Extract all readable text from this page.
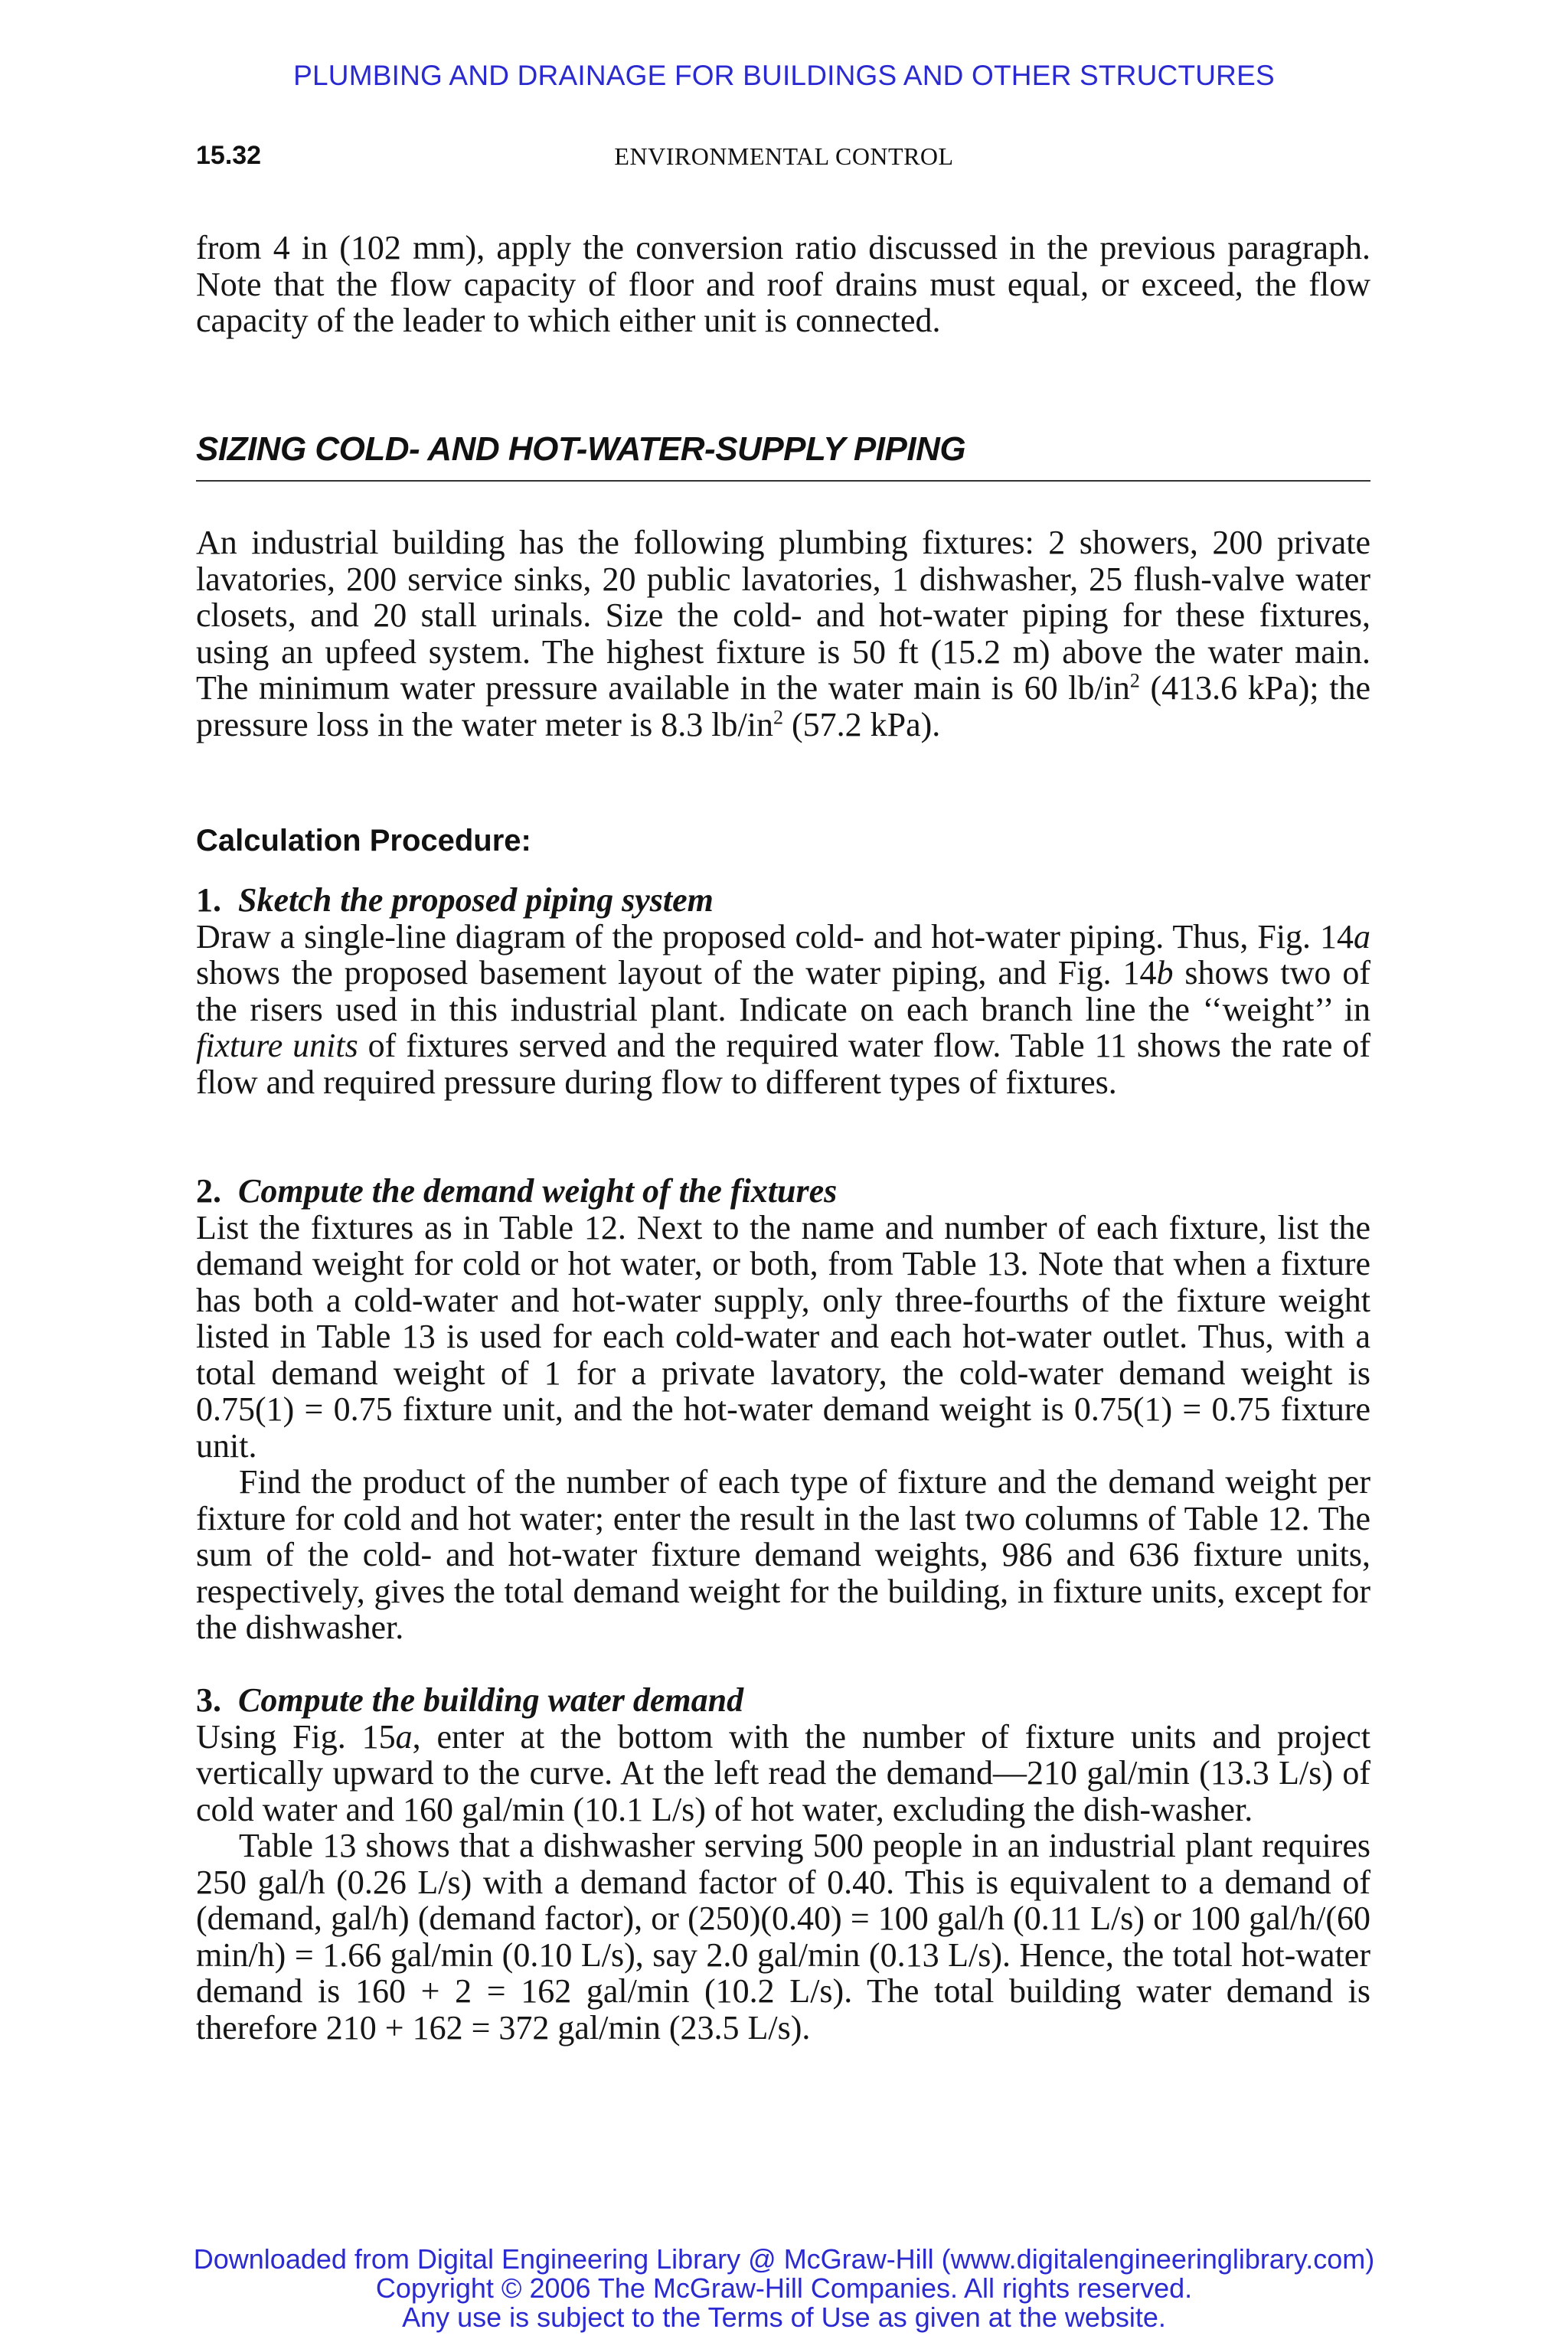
PLUMBING AND DRAINAGE FOR BUILDINGS AND OTHER STRUCTURES
15.32	ENVIRONMENTAL CONTROL

from 4 in (102 mm), apply the conversion ratio discussed in the previous paragraph. Note that the flow capacity of floor and roof drains must equal, or exceed, the flow capacity of the leader to which either unit is connected.

SIZING COLD- AND HOT-WATER-SUPPLY PIPING

An industrial building has the following plumbing fixtures: 2 showers, 200 private lavatories, 200 service sinks, 20 public lavatories, 1 dishwasher, 25 flush-valve water closets, and 20 stall urinals. Size the cold- and hot-water piping for these fixtures, using an upfeed system. The highest fixture is 50 ft (15.2 m) above the water main. The minimum water pressure available in the water main is 60 $lb/in^2$ (413.6 kPa); the pressure loss in the water meter is 8.3 $lb/in^2$ (57.2 kPa).

Calculation Procedure:

1. Sketch the proposed piping system

Draw a single-line diagram of the proposed cold- and hot-water piping. Thus, Fig. 14a shows the proposed basement layout of the water piping, and Fig. 14b shows two of the risers used in this industrial plant. Indicate on each branch line the ‘‘weight’’ in fixture units of fixtures served and the required water flow. Table 11 shows the rate of flow and required pressure during flow to different types of fixtures.

2. Compute the demand weight of the fixtures

List the fixtures as in Table 12. Next to the name and number of each fixture, list the demand weight for cold or hot water, or both, from Table 13. Note that when a fixture has both a cold-water and hot-water supply, only three-fourths of the fixture weight listed in Table 13 is used for each cold-water and each hot-water outlet. Thus, with a total demand weight of 1 for a private lavatory, the cold-water demand weight is 0.75(1) = 0.75 fixture unit, and the hot-water demand weight is 0.75(1) = 0.75 fixture unit.

Find the product of the number of each type of fixture and the demand weight per fixture for cold and hot water; enter the result in the last two columns of Table 12. The sum of the cold- and hot-water fixture demand weights, 986 and 636 fixture units, respectively, gives the total demand weight for the building, in fixture units, except for the dishwasher.

3. Compute the building water demand

Using Fig. 15a, enter at the bottom with the number of fixture units and project vertically upward to the curve. At the left read the demand—210 gal/min (13.3 L/s) of cold water and 160 gal/min (10.1 L/s) of hot water, excluding the dish-washer.

Table 13 shows that a dishwasher serving 500 people in an industrial plant requires 250 gal/h (0.26 L/s) with a demand factor of 0.40. This is equivalent to a demand of (demand, gal/h) (demand factor), or (250)(0.40) = 100 gal/h (0.11 L/s) or 100 gal/h/(60 min/h) = 1.66 gal/min (0.10 L/s), say 2.0 gal/min (0.13 L/s). Hence, the total hot-water demand is 160 + 2 = 162 gal/min (10.2 L/s). The total building water demand is therefore 210 + 162 = 372 gal/min (23.5 L/s).

Downloaded from Digital Engineering Library @ McGraw-Hill (www.digitalengineeringlibrary.com)
Copyright © 2006 The McGraw-Hill Companies. All rights reserved.
Any use is subject to the Terms of Use as given at the website.
